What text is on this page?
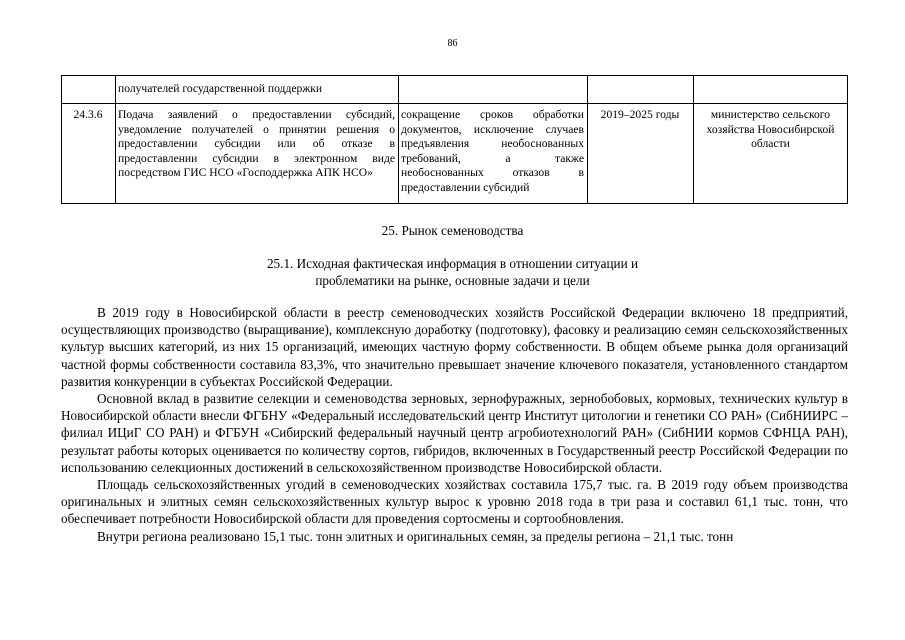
86
получателей государственной поддержки
24.3.6	Подача заявлений о предоставлении субсидий, уведомление получателей о принятии решения о предоставлении субсидии или об отказе в предоставлении субсидии в электронном виде посредством ГИС НСО «Господдержка АПК НСО»
сокращение сроков обработки документов, исключение случаев предъявления необоснованных требований, а также необоснованных отказов в предоставлении субсидий
2019–2025 годы	министерство сельского хозяйства Новосибирской области
25. Рынок семеноводства
25.1. Исходная фактическая информация в отношении ситуации и проблематики на рынке, основные задачи и цели

В 2019 году в Новосибирской области в реестр семеноводческих хозяйств Российской Федерации включено 18 предприятий, осуществляющих производство (выращивание), комплексную доработку (подготовку), фасовку и реализацию семян сельскохозяйственных культур высших категорий, из них 15 организаций, имеющих частную форму собственности. В общем объеме рынка доля организаций частной формы собственности составила 83,3%, что значительно превышает значение ключевого показателя, установленного стандартом развития конкуренции в субъектах Российской Федерации.

Основной вклад в развитие селекции и семеноводства зерновых, зернофуражных, зернобобовых, кормовых, технических культур в Новосибирской области внесли ФГБНУ «Федеральный исследовательский центр Институт цитологии и генетики СО РАН» (СибНИИРС – филиал ИЦиГ СО РАН) и ФГБУН «Сибирский федеральный научный центр агробиотехнологий РАН» (СибНИИ кормов СФНЦА РАН), результат работы которых оценивается по количеству сортов, гибридов, включенных в Государственный реестр Российской Федерации по использованию селекционных достижений в сельскохозяйственном производстве Новосибирской области.

Площадь сельскохозяйственных угодий в семеноводческих хозяйствах составила 175,7 тыс. га. В 2019 году объем производства оригинальных и элитных семян сельскохозяйственных культур вырос к уровню 2018 года в три раза и составил 61,1 тыс. тонн, что обеспечивает потребности Новосибирской области для проведения сортосмены и сортообновления.

Внутри региона реализовано 15,1 тыс. тонн элитных и оригинальных семян, за пределы региона – 21,1 тыс. тонн
